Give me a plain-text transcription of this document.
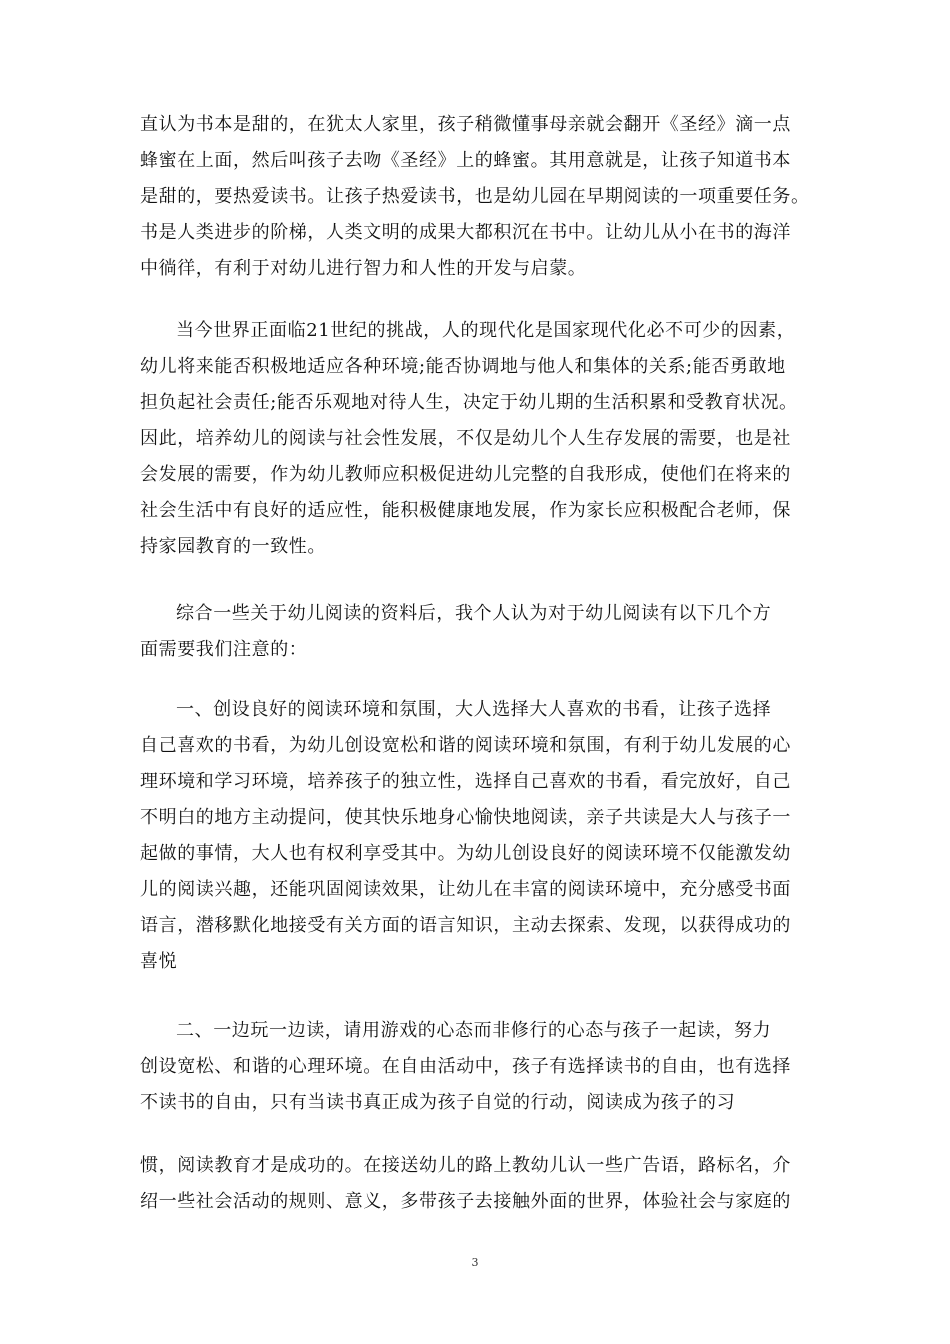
直认为书本是甜的，在犹太人家里，孩子稍微懂事母亲就会翻开《圣经》滴一点
蜂蜜在上面，然后叫孩子去吻《圣经》上的蜂蜜。其用意就是，让孩子知道书本
是甜的，要热爱读书。让孩子热爱读书，也是幼儿园在早期阅读的一项重要任务。
书是人类进步的阶梯，人类文明的成果大都积沉在书中。让幼儿从小在书的海洋
中徜徉，有利于对幼儿进行智力和人性的开发与启蒙。
当今世界正面临21世纪的挑战，人的现代化是国家现代化必不可少的因素，
幼儿将来能否积极地适应各种环境;能否协调地与他人和集体的关系;能否勇敢地
担负起社会责任;能否乐观地对待人生，决定于幼儿期的生活积累和受教育状况。
因此，培养幼儿的阅读与社会性发展，不仅是幼儿个人生存发展的需要，也是社
会发展的需要，作为幼儿教师应积极促进幼儿完整的自我形成，使他们在将来的
社会生活中有良好的适应性，能积极健康地发展，作为家长应积极配合老师，保
持家园教育的一致性。
综合一些关于幼儿阅读的资料后，我个人认为对于幼儿阅读有以下几个方
面需要我们注意的：
一、创设良好的阅读环境和氛围，大人选择大人喜欢的书看，让孩子选择
自己喜欢的书看，为幼儿创设宽松和谐的阅读环境和氛围，有利于幼儿发展的心
理环境和学习环境，培养孩子的独立性，选择自己喜欢的书看，看完放好，自己
不明白的地方主动提问，使其快乐地身心愉快地阅读，亲子共读是大人与孩子一
起做的事情，大人也有权利享受其中。为幼儿创设良好的阅读环境不仅能激发幼
儿的阅读兴趣，还能巩固阅读效果，让幼儿在丰富的阅读环境中，充分感受书面
语言，潜移默化地接受有关方面的语言知识，主动去探索、发现，以获得成功的
喜悦
二、一边玩一边读，请用游戏的心态而非修行的心态与孩子一起读，努力
创设宽松、和谐的心理环境。在自由活动中，孩子有选择读书的自由，也有选择
不读书的自由，只有当读书真正成为孩子自觉的行动，阅读成为孩子的习
惯，阅读教育才是成功的。在接送幼儿的路上教幼儿认一些广告语，路标名，介
绍一些社会活动的规则、意义，多带孩子去接触外面的世界，体验社会与家庭的
3
